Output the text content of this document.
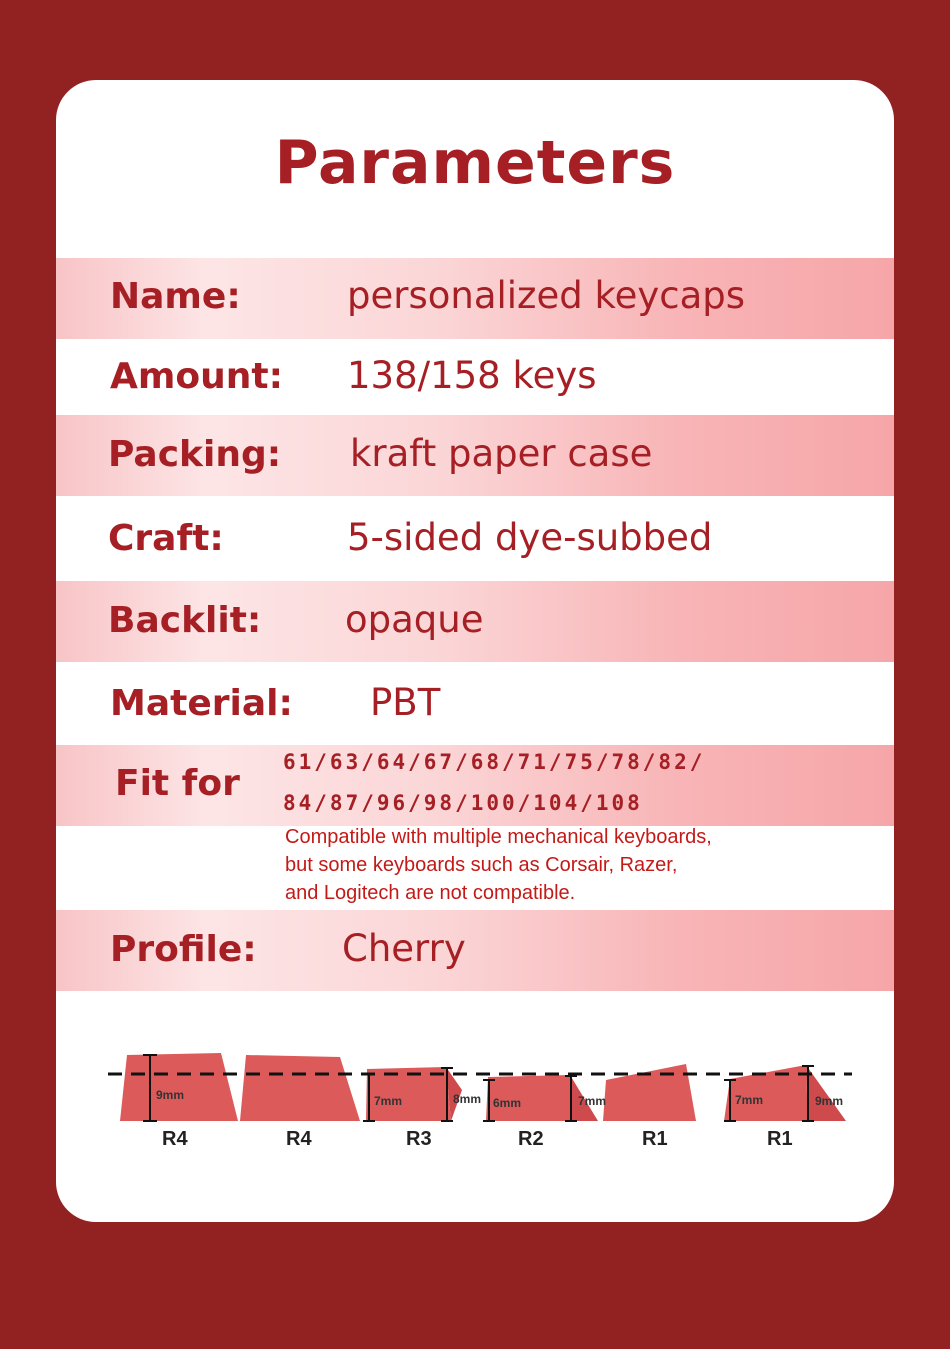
Parameters
Name:	personalized keycaps
Amount: 138/158 keys
Packing: kraft paper case
Craft:	5-sided dye-subbed
Backlit: opaque
Material: PBT
Fit for
61/63/64/67/68/71/75/78/82/
84/87/96/98/100/104/108
Compatible with multiple mechanical keyboards,
but some keyboards such as Corsair, Razer,
and Logitech are not compatible.
Profile: Cherry
9mm	7mm	8mm 6mm	7mm	7mm	9mm
R4	R4	R3	R2	R1	R1
